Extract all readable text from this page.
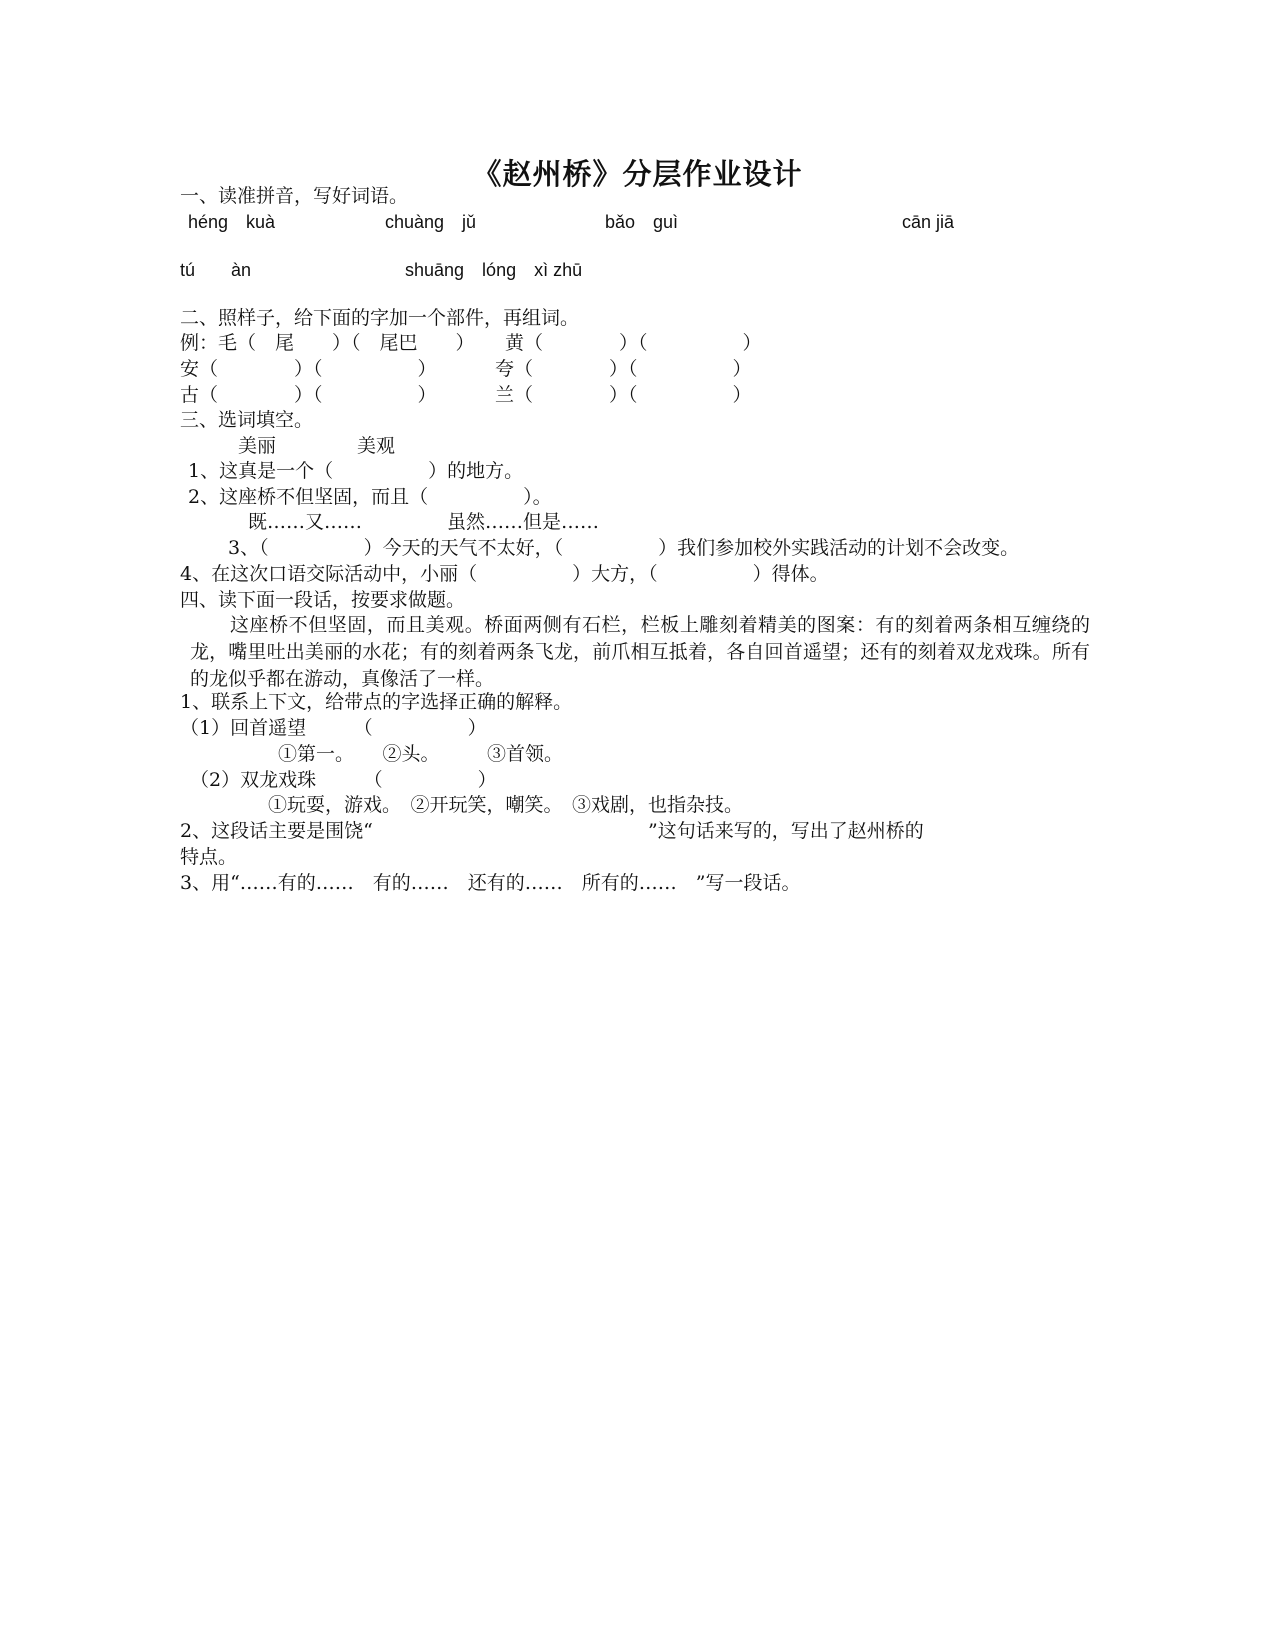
《赵州桥》分层作业设计
一、读准拼音，写好词语。
héng　kuà	chuàng　jǔ	bǎo　guì	cān jiā
tú　　àn	shuāng　lóng　xì zhū
二、照样子，给下面的字加一个部件，再组词。
例：毛（　尾　　）（　尾巴　　） 黄（　　　　）（　　　　　）
安（　　　　）（　　　　　）	夸（　　　　）（　　　　　）
古（　　　　）（　　　　　）	兰（　　　　）（　　　　　）
三、选词填空。
美丽	美观
1、这真是一个（　　　　　）的地方。
2、这座桥不但坚固，而且（　　　　　）。
既……又……	虽然……但是……
3、（　　　　　）今天的天气不太好，（　　　　　）我们参加校外实践活动的计划不会改变。
4、在这次口语交际活动中，小丽（　　　　　）大方，（　　　　　）得体。
四、读下面一段话，按要求做题。
这座桥不但坚固，而且美观。桥面两侧有石栏，栏板上雕刻着精美的图案：有的刻着两条相互缠绕的龙，嘴里吐出美丽的水花；有的刻着两条飞龙，前爪相互抵着，各自回首遥望；还有的刻着双龙戏珠。所有的龙似乎都在游动，真像活了一样。
1、联系上下文，给带点的字选择正确的解释。
（1）回首遥望　　　（　　　　　）
①第一。　　②头。　　　③首领。
（2）双龙戏珠　　　（　　　　　）
①玩耍，游戏。　②开玩笑，嘲笑。　③戏剧，也指杂技。
2、这段话主要是围饶“	”这句话来写的，写出了赵州桥的
特点。
3、用“……有的……　有的……　还有的……　所有的……　”写一段话。
